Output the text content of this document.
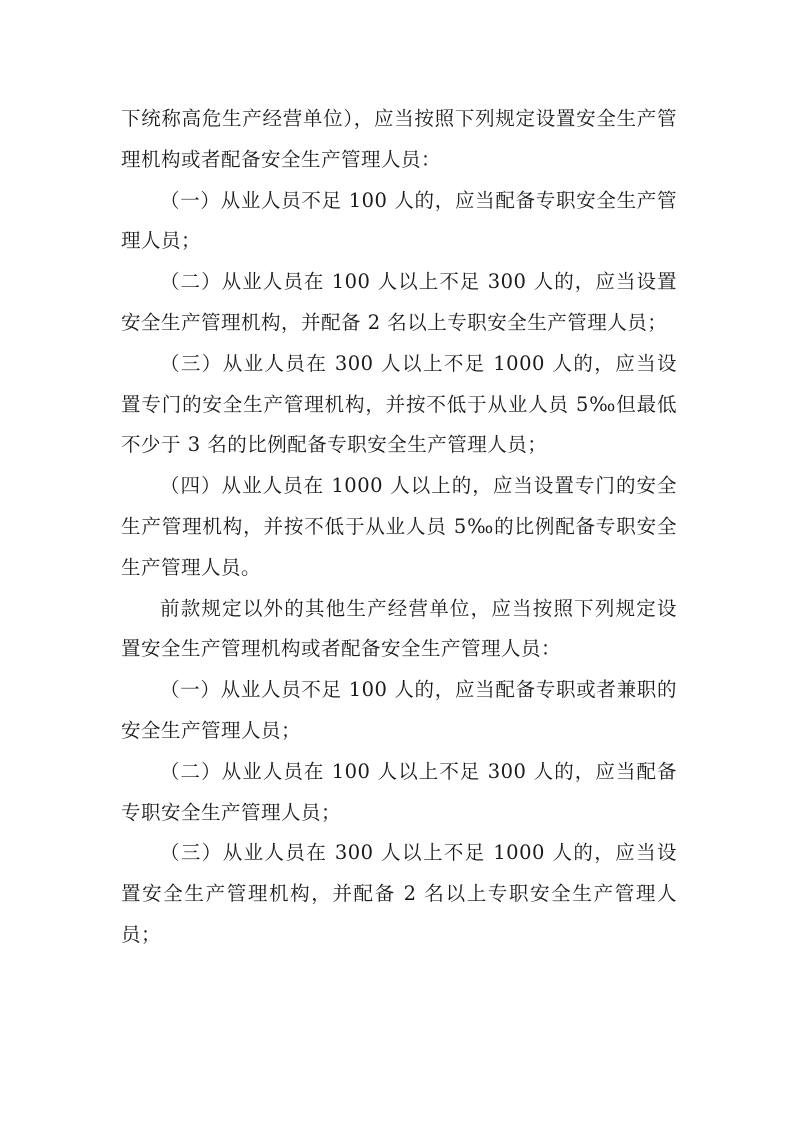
下统称高危生产经营单位），应当按照下列规定设置安全生产管理机构或者配备安全生产管理人员：

（一）从业人员不足 100 人的，应当配备专职安全生产管理人员；

（二）从业人员在 100 人以上不足 300 人的，应当设置安全生产管理机构，并配备 2 名以上专职安全生产管理人员；

（三）从业人员在 300 人以上不足 1000 人的，应当设置专门的安全生产管理机构，并按不低于从业人员 5‰但最低不少于 3 名的比例配备专职安全生产管理人员；

（四）从业人员在 1000 人以上的，应当设置专门的安全生产管理机构，并按不低于从业人员 5‰的比例配备专职安全生产管理人员。

前款规定以外的其他生产经营单位，应当按照下列规定设置安全生产管理机构或者配备安全生产管理人员：

（一）从业人员不足 100 人的，应当配备专职或者兼职的安全生产管理人员；

（二）从业人员在 100 人以上不足 300 人的，应当配备专职安全生产管理人员；

（三）从业人员在 300 人以上不足 1000 人的，应当设置安全生产管理机构，并配备 2 名以上专职安全生产管理人员；
